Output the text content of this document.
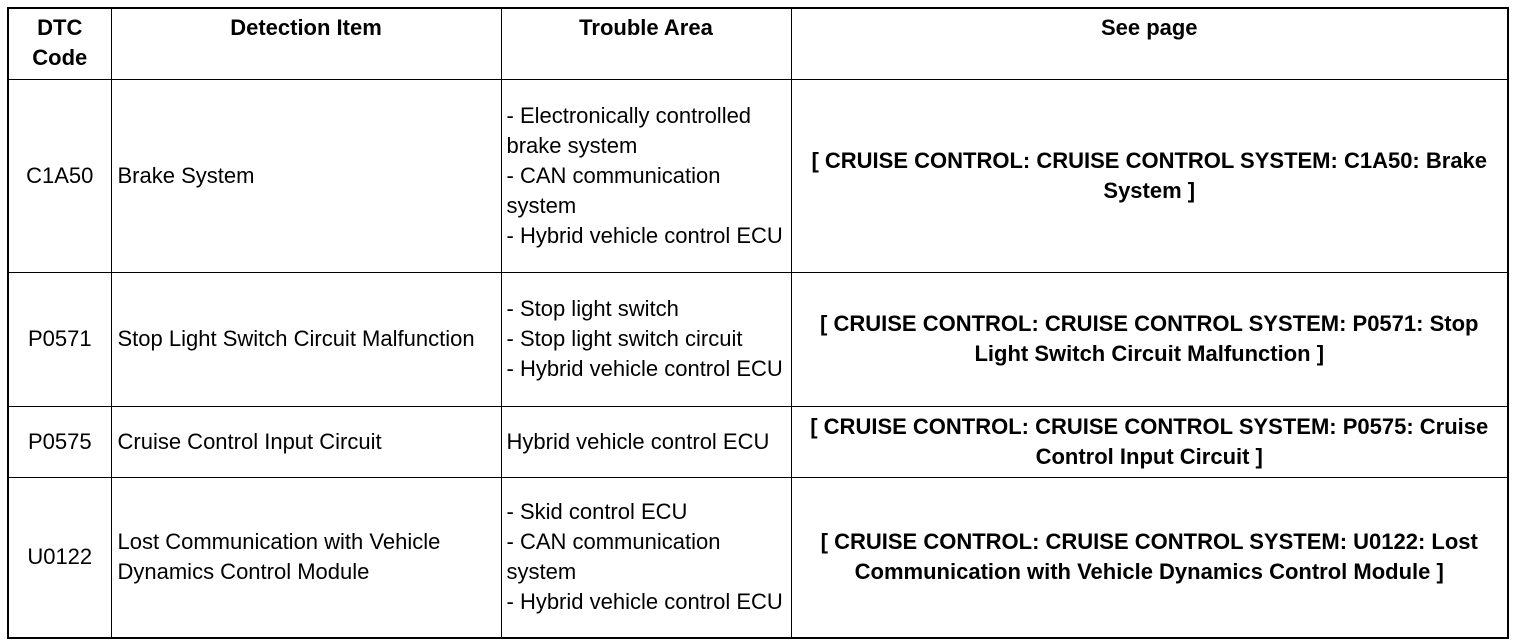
DTC Code	Detection Item	Trouble Area	See page
C1A50	Brake System	- Electronically controlled brake system
- CAN communication system
- Hybrid vehicle control ECU	[ CRUISE CONTROL: CRUISE CONTROL SYSTEM: C1A50: Brake System ]
P0571	Stop Light Switch Circuit Malfunction	- Stop light switch
- Stop light switch circuit
- Hybrid vehicle control ECU	[ CRUISE CONTROL: CRUISE CONTROL SYSTEM: P0571: Stop Light Switch Circuit Malfunction ]
P0575	Cruise Control Input Circuit	Hybrid vehicle control ECU	[ CRUISE CONTROL: CRUISE CONTROL SYSTEM: P0575: Cruise Control Input Circuit ]
U0122	Lost Communication with Vehicle Dynamics Control Module	- Skid control ECU
- CAN communication system
- Hybrid vehicle control ECU	[ CRUISE CONTROL: CRUISE CONTROL SYSTEM: U0122: Lost Communication with Vehicle Dynamics Control Module ]
